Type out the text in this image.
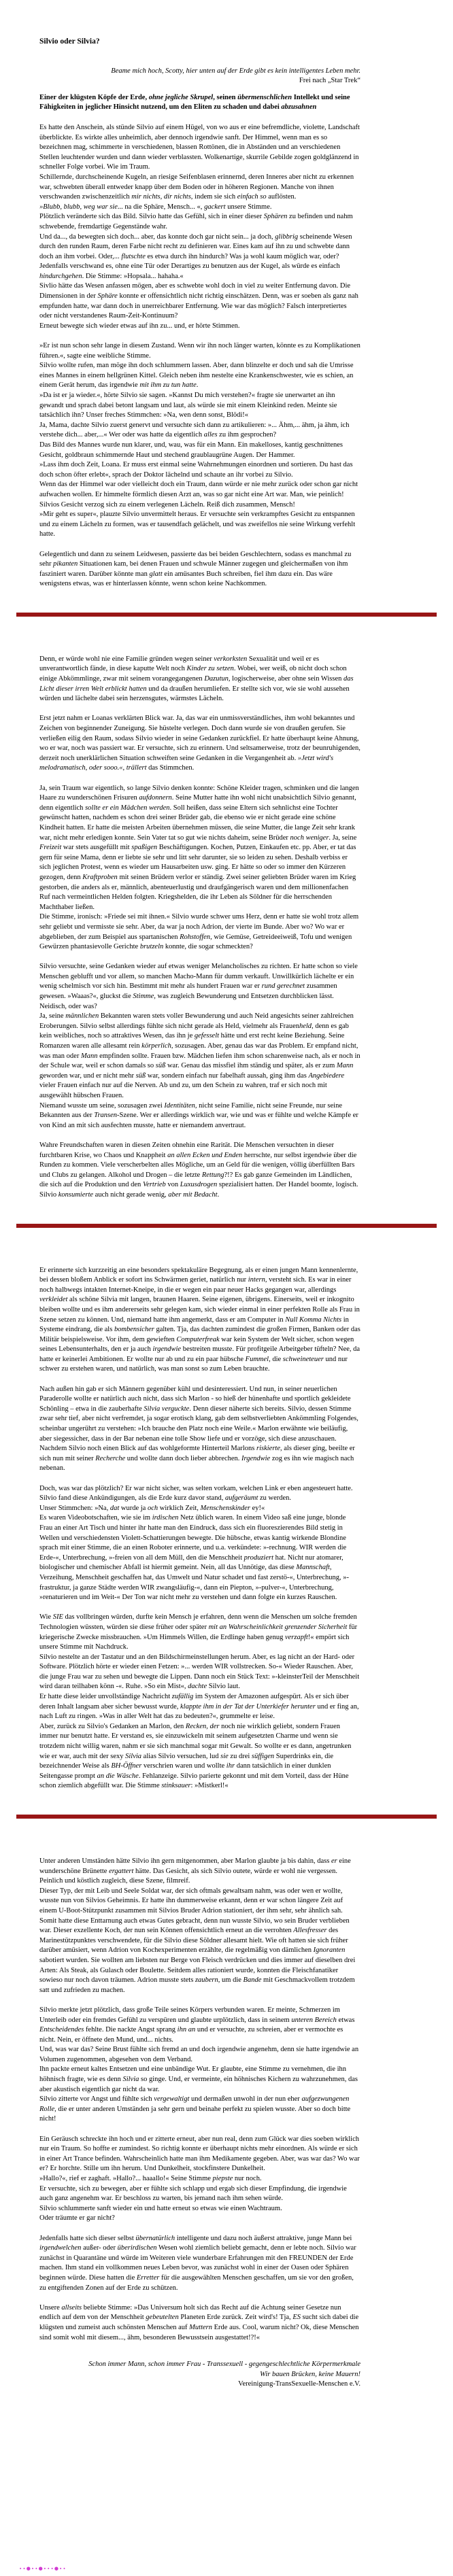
Silvio oder Silvia?
Beame mich hoch, Scotty, hier unten auf der Erde gibt es kein intelligentes Leben mehr.
Frei nach „Star Trek“

Einer der klügsten Köpfe der Erde, ohne jegliche Skrupel, seinen übermenschlichen Intellekt und seine Fähigkeiten in jeglicher Hinsicht nutzend, um den Eliten zu schaden und dabei abzusahnen

Es hatte den Anschein, als stünde Silvio auf einem Hügel, von wo aus er eine befremdliche, violette, Landschaft überblickte. Es wirkte alles unheimlich, aber dennoch irgendwie sanft. Der Himmel, wenn man es so bezeichnen mag, schimmerte in verschiedenen, blassen Rottönen, die in Abständen und an verschiedenen Stellen leuchtender wurden und dann wieder verblassten. Wolkenartige, skurrile Gebilde zogen goldglänzend in schneller Folge vorbei. Wie im Traum.

Schillernde, durchscheinende Kugeln, an riesige Seifenblasen erinnernd, deren Inneres aber nicht zu erkennen war, schwebten überall entweder knapp über dem Boden oder in höheren Regionen. Manche von ihnen verschwanden zwischenzeitlich mir nichts, dir nichts, indem sie sich einfach so auflösten.

»Blubb, blubb, weg war sie... na die Sphäre, Mensch... «, gackert unsere Stimme.

Plötzlich veränderte sich das Bild. Silvio hatte das Gefühl, sich in einer dieser Sphären zu befinden und nahm schwebende, fremdartige Gegenstände wahr.

Und da..., da bewegten sich doch... aber, das konnte doch gar nicht sein... ja doch, glibbrig scheinende Wesen durch den runden Raum, deren Farbe nicht recht zu definieren war. Eines kam auf ihn zu und schwebte dann doch an ihm vorbei. Oder,... flutschte es etwa durch ihn hindurch? Was ja wohl kaum möglich war, oder? Jedenfalls verschwand es, ohne eine Tür oder Derartiges zu benutzen aus der Kugel, als würde es einfach hindurchgehen. Die Stimme: »Hopsala... hahaha.«

Sivlio hätte das Wesen anfassen mögen, aber es schwebte wohl doch in viel zu weiter Entfernung davon. Die Dimensionen in der Sphäre konnte er offensichtlich nicht richtig einschätzen. Denn, was er soeben als ganz nah empfunden hatte, war dann doch in unerreichbarer Entfernung. Wie war das möglich? Falsch interpretiertes oder nicht verstandenes Raum-Zeit-Kontinuum?

Erneut bewegte sich wieder etwas auf ihn zu... und, er hörte Stimmen.

»Er ist nun schon sehr lange in diesem Zustand. Wenn wir ihn noch länger warten, könnte es zu Komplikationen führen.«, sagte eine weibliche Stimme.

Silvio wollte rufen, man möge ihn doch schlummern lassen. Aber, dann blinzelte er doch und sah die Umrisse eines Mannes in einem hellgrünen Kittel. Gleich neben ihm nestelte eine Krankenschwester, wie es schien, an einem Gerät herum, das irgendwie mit ihm zu tun hatte.

»Da ist er ja wieder.«, hörte Silvio sie sagen. »Kannst Du mich verstehen?« fragte sie unerwartet an ihn gewandt und sprach dabei betont langsam und laut, als würde sie mit einem Kleinkind reden. Meinte sie tatsächlich ihn? Unser freches Stimmchen: »Na, wen denn sonst, Blödi!«

Ja, Mama, dachte Silvio zuerst genervt und versuchte sich dann zu artikulieren: »... Ähm,... ähm, ja ähm, ich verstehe dich... aber,...« Wer oder was hatte da eigentlich alles zu ihm gesprochen?

Das Bild des Mannes wurde nun klarer, und, wau, was für ein Mann. Ein makelloses, kantig geschnittenes Gesicht, goldbraun schimmernde Haut und stechend graublaugrüne Augen. Der Hammer.

»Lass ihm doch Zeit, Loana. Er muss erst einmal seine Wahrnehmungen einordnen und sortieren. Du hast das doch schon öfter erlebt«, sprach der Doktor lächelnd und schaute an ihr vorbei zu Silvio.

Wenn das der Himmel war oder vielleicht doch ein Traum, dann würde er nie mehr zurück oder schon gar nicht aufwachen wollen. Er himmelte förmlich diesen Arzt an, was so gar nicht eine Art war. Man, wie peinlich! Silvios Gesicht verzog sich zu einem verlegenen Lächeln. Reiß dich zusammen, Mensch!

»Mir geht es super«, plauzte Silvio unvermittelt heraus. Er versuchte sein verkrampftes Gesicht zu entspannen und zu einem Lächeln zu formen, was er tausendfach gelächelt, und was zweifellos nie seine Wirkung verfehlt hatte.

Gelegentlich und dann zu seinem Leidwesen, passierte das bei beiden Geschlechtern, sodass es manchmal zu sehr pikanten Situationen kam, bei denen Frauen und schwule Männer zugegen und gleichermaßen von ihm fasziniert waren. Darüber könnte man glatt ein amüsantes Buch schreiben, fiel ihm dazu ein. Das wäre wenigstens etwas, was er hinterlassen könnte, wenn schon keine Nachkommen.

Denn, er würde wohl nie eine Familie gründen wegen seiner verkorksten Sexualität und weil er es unverantwortlich fände, in diese kaputte Welt noch Kinder zu setzen. Wobei, wer weiß, ob nicht doch schon einige Abkömmlinge, zwar mit seinem vorangegangenen Dazutun, logischerweise, aber ohne sein Wissen das Licht dieser irren Welt erblickt hatten und da draußen herumliefen. Er stellte sich vor, wie sie wohl aussehen würden und lächelte dabei sein herzensgutes, wärmstes Lächeln.

Erst jetzt nahm er Loanas verklärten Blick war. Ja, das war ein unmissverständliches, ihm wohl bekanntes und Zeichen von beginnender Zuneigung. Sie hüstelte verlegen. Doch dann wurde sie von draußen gerufen. Sie verließen eilig den Raum, sodass Silvio wieder in seine Gedanken zurückfiel. Er hatte überhaupt keine Ahnung, wo er war, noch was passiert war. Er versuchte, sich zu erinnern. Und seltsamerweise, trotz der beunruhigenden, derzeit noch unerklärlichen Situation schweiften seine Gedanken in die Vergangenheit ab. »Jetzt wird's melodramatisch, oder sooo.«, trällert das Stimmchen.

Ja, sein Traum war eigentlich, so lange Silvio denken konnte: Schöne Kleider tragen, schminken und die langen Haare zu wunderschönen Frisuren aufdonnern. Seine Mutter hatte ihn wohl nicht unabsichtlich Silvio genannt, denn eigentlich sollte er ein Mädchen werden. Soll heißen, dass seine Eltern sich sehnlichst eine Tochter gewünscht hatten, nachdem es schon drei seiner Brüder gab, die ebenso wie er nicht gerade eine schöne Kindheit hatten. Er hatte die meisten Arbeiten übernehmen müssen, die seine Mutter, die lange Zeit sehr krank war, nicht mehr erledigen konnte. Sein Vater tat so gut wie nichts daheim, seine Brüder noch weniger. Ja, seine Freizeit war stets ausgefüllt mit spaßigen Beschäftigungen. Kochen, Putzen, Einkaufen etc. pp. Aber, er tat das gern für seine Mama, denn er liebte sie sehr und litt sehr darunter, sie so leiden zu sehen. Deshalb verbiss er sich jeglichen Protest, wenn es wieder um Hausarbeiten usw. ging. Er hätte so oder so immer den Kürzeren gezogen, denn Kraftproben mit seinen Brüdern verlor er ständig. Zwei seiner geliebten Brüder waren im Krieg gestorben, die anders als er, männlich, abenteuerlustig und draufgängerisch waren und dem millionenfachen Ruf nach vermeintlichen Helden folgten. Kriegshelden, die ihr Leben als Söldner für die herrschenden Machthaber ließen.

Die Stimme, ironisch: »Friede sei mit ihnen.« Silvio wurde schwer ums Herz, denn er hatte sie wohl trotz allem sehr geliebt und vermisste sie sehr. Aber, da war ja noch Adrion, der vierte im Bunde. Aber wo? Wo war er abgeblieben, der zum Beispiel aus spartanischen Rohstoffen, wie Gemüse, Getreideeiweiß, Tofu und wenigen Gewürzen phantasievolle Gerichte brutzeln konnte, die sogar schmeckten?

Silvio versuchte, seine Gedanken wieder auf etwas weniger Melancholisches zu richten. Er hatte schon so viele Menschen geblufft und vor allem, so manchen Macho-Mann für dumm verkauft. Unwillkürlich lächelte er ein wenig schelmisch vor sich hin. Bestimmt mit mehr als hundert Frauen war er rund gerechnet zusammen gewesen. »Waaas?«, gluckst die Stimme, was zugleich Bewunderung und Entsetzen durchblicken lässt. Neidisch, oder was?

Ja, seine männlichen Bekannten waren stets voller Bewunderung und auch Neid angesichts seiner zahlreichen Eroberungen. Silvio selbst allerdings fühlte sich nicht gerade als Held, vielmehr als Frauenheld, denn es gab kein weibliches, noch so attraktives Wesen, das ihn je gefesselt hätte und erst recht keine Beziehung. Seine Romanzen waren alle allesamt rein körperlich, sozusagen. Aber, genau das war das Problem. Er empfand nicht, was man oder Mann empfinden sollte. Frauen bzw. Mädchen liefen ihm schon scharenweise nach, als er noch in der Schule war, weil er schon damals so süß war. Genau das missfiel ihm ständig und später, als er zum Mann geworden war, und er nicht mehr süß war, sondern einfach nur fabelhaft aussah, ging ihm das Angebiedere vieler Frauen einfach nur auf die Nerven. Ab und zu, um den Schein zu wahren, traf er sich noch mit ausgewählt hübschen Frauen.

Niemand wusste um seine, sozusagen zwei Identitäten, nicht seine Familie, nicht seine Freunde, nur seine Bekannten aus der Transen-Szene. Wer er allerdings wirklich war, wie und was er fühlte und welche Kämpfe er von Kind an mit sich ausfechten musste, hatte er niemandem anvertraut.

Wahre Freundschaften waren in diesen Zeiten ohnehin eine Rarität. Die Menschen versuchten in dieser furchtbaren Krise, wo Chaos und Knappheit an allen Ecken und Enden herrschte, nur selbst irgendwie über die Runden zu kommen. Viele verscherbelten alles Mögliche, um an Geld für die wenigen, völlig überfüllten Bars und Clubs zu gelangen. Alkohol und Drogen – die letzte Rettung?!? Es gab ganze Gemeinden im Ländlichen, die sich auf die Produktion und den Vertrieb von Luxusdrogen spezialisiert hatten. Der Handel boomte, logisch. Silvio konsumierte auch nicht gerade wenig, aber mit Bedacht.

Er erinnerte sich kurzzeitig an eine besonders spektakuläre Begegnung, als er einen jungen Mann kennenlernte, bei dessen bloßem Anblick er sofort ins Schwärmen geriet, natürlich nur intern, versteht sich. Es war in einer noch halbwegs intakten Internet-Kneipe, in die er wegen ein paar neuer Hacks gegangen war, allerdings verkleidet als schöne Silvia mit langen, braunen Haaren. Seine eigenen, übrigens. Einerseits, weil er inkognito bleiben wollte und es ihm andererseits sehr gelegen kam, sich wieder einmal in einer perfekten Rolle als Frau in Szene setzen zu können. Und, niemand hatte ihm angemerkt, dass er am Computer in Null Komma Nichts in Systeme eindrang, die als bombensicher galten. Tja, das dachten zumindest die großen Firmen, Banken oder das Militär beispielsweise. Vor ihm, dem gewieften Computerfreak war kein System der Welt sicher, schon wegen seines Lebensunterhalts, den er ja auch irgendwie bestreiten musste. Für profitgeile Arbeitgeber tüfteln? Nee, da hatte er keinerlei Ambitionen. Er wollte nur ab und zu ein paar hübsche Fummel, die schweineteuer und nur schwer zu erstehen waren, und natürlich, was man sonst so zum Leben brauchte.

Nach außen hin gab er sich Männern gegenüber kühl und desinteressiert. Und nun, in seiner neuerlichen Paraderolle wollte er natürlich auch nicht, dass sich Marlon - so hieß der hünenhafte und sportlich gekleidete Schönling – etwa in die zauberhafte Silvia verguckte. Denn dieser näherte sich bereits. Silvio, dessen Stimme zwar sehr tief, aber nicht verfremdet, ja sogar erotisch klang, gab dem selbstverliebten Ankömmling Folgendes, scheinbar ungerührt zu verstehen: »Ich brauche den Platz noch eine Weile.« Marlon erwähnte wie beiläufig, aber siegessicher, dass in der Bar nebenan eine tolle Show liefe und er vorzöge, sich diese anzuschauen. Nachdem Silvio noch einen Blick auf das wohlgeformte Hinterteil Marlons riskierte, als dieser ging, beeilte er sich nun mit seiner Recherche und wollte dann doch lieber abbrechen. Irgendwie zog es ihn wie magisch nach nebenan.

Doch, was war das plötzlich? Er war nicht sicher, was selten vorkam, welchen Link er eben angesteuert hatte. Silvio fand diese Ankündigungen, als die Erde kurz davor stand, aufgeräumt zu werden.

Unser Stimmchen: »Na, dat wurde ja och wirklich Zeit, Menschenskinder ey!«

Es waren Videobotschaften, wie sie im irdischen Netz üblich waren. In einem Video saß eine junge, blonde Frau an einer Art Tisch und hinter ihr hatte man den Eindruck, dass sich ein fluoreszierendes Bild stetig in Wellen und verschiedensten Violett-Schattierungen bewegte. Die hübsche, etwas kantig wirkende Blondine sprach mit einer Stimme, die an einen Roboter erinnerte, und u.a. verkündete: »-rechnung. WIR werden die Erde-«, Unterbrechung, »-freien von all dem Müll, den die Menschheit produziert hat. Nicht nur atomarer, biologischer und chemischer Abfall ist hiermit gemeint. Nein, all das Unnötige, das diese Mannschaft, Verzeihung, Menschheit geschaffen hat, das Umwelt und Natur schadet und fast zerstö-«, Unterbrechung, »-frastruktur, ja ganze Städte werden WIR zwangsläufig-«, dann ein Piepton, »-pulver-«, Unterbrechung, »renaturieren und im Weit-« Der Ton war nicht mehr zu verstehen und dann folgte ein kurzes Rauschen.

Wie SIE das vollbringen würden, durfte kein Mensch je erfahren, denn wenn die Menschen um solche fremden Technologien wüssten, würden sie diese früher oder später mit an Wahrscheinlichkeit grenzender Sicherheit für kriegerische Zwecke missbrauchen. »Um Himmels Willen, die Erdlinge haben genug verzapft!« empört sich unsere Stimme mit Nachdruck.

Silvio nestelte an der Tastatur und an den Bildschirmeinstellungen herum. Aber, es lag nicht an der Hard- oder Software. Plötzlich hörte er wieder einen Fetzen: »... werden WIR vollstrecken. So-« Wieder Rauschen. Aber, die junge Frau war zu sehen und bewegte die Lippen. Dann noch ein Stück Text: »-kleinsterTeil der Menschheit wird daran teilhaben könn -«. Ruhe. »So ein Mist«, dachte Silvio laut.

Er hatte diese leider unvollständige Nachricht zufällig im System der Amazonen aufgespürt. Als er sich über deren Inhalt langsam aber sicher bewusst wurde, klappte ihm in der Tat der Unterkiefer herunter und er fing an, nach Luft zu ringen. »Was in aller Welt hat das zu bedeuten?«, grummelte er leise.

Aber, zurück zu Silvio's Gedanken an Marlon, den Recken, der noch nie wirklich geliebt, sondern Frauen immer nur benutzt hatte. Er verstand es, sie einzuwickeln mit seinem aufgesetzten Charme und wenn sie trotzdem nicht willig waren, nahm er sie sich manchmal sogar mit Gewalt. So wollte er es dann, angetrunken wie er war, auch mit der sexy Silvia alias Silvio versuchen, lud sie zu drei süffigen Superdrinks ein, die bezeichnender Weise als BH-Öffner verschrien waren und wollte ihr dann tatsächlich in einer dunklen Seitengasse prompt an die Wäsche. Fehlanzeige. Silvio parierte gekonnt und mit dem Vorteil, dass der Hüne schon ziemlich abgefüllt war. Die Stimme stinksauer: »Mistkerl!«

Unter anderen Umständen hätte Silvio ihn gern mitgenommen, aber Marlon glaubte ja bis dahin, dass er eine wunderschöne Brünette ergattert hätte. Das Gesicht, als sich Silvio outete, würde er wohl nie vergessen. Peinlich und köstlich zugleich, diese Szene, filmreif.

Dieser Typ, der mit Leib und Seele Soldat war, der sich oftmals gewaltsam nahm, was oder wen er wollte, wusste nun von Silvios Geheimnis. Er hatte ihn dummerweise erkannt, denn er war schon längere Zeit auf einem U-Boot-Stützpunkt zusammen mit Silvios Bruder Adrion stationiert, der ihm sehr, sehr ähnlich sah. Somit hatte diese Enttarnung auch etwas Gutes gebracht, denn nun wusste Silvio, wo sein Bruder verblieben war. Dieser exzellente Koch, der nun sein Können offensichtlich erneut an die verrohten Allesfresser des Marinestützpunktes verschwendete, für die Silvio diese Söldner allesamt hielt. Wie oft hatten sie sich früher darüber amüsiert, wenn Adrion von Kochexperimenten erzählte, die regelmäßig von dämlichen Ignoranten sabotiert wurden. Sie wollten am liebsten nur Berge von Fleisch verdrücken und dies immer auf dieselben drei Arten: Als Steak, als Gulasch oder Boulette. Seitdem alles rationiert wurde, konnten die Fleischfanatiker sowieso nur noch davon träumen. Adrion musste stets zaubern, um die Bande mit Geschmackvollem trotzdem satt und zufrieden zu machen.

Silvio merkte jetzt plötzlich, dass große Teile seines Körpers verbunden waren. Er meinte, Schmerzen im Unterleib oder ein fremdes Gefühl zu verspüren und glaubte urplötzlich, dass in seinem unteren Bereich etwas Entscheidendes fehlte. Die nackte Angst sprang ihn an und er versuchte, zu schreien, aber er vermochte es nicht. Nein, er öffnete den Mund, und... nichts.

Und, was war das? Seine Brust fühlte sich fremd an und doch irgendwie angenehm, denn sie hatte irgendwie an Volumen zugenommen, abgesehen von dem Verband.

Ihn packte erneut kaltes Entsetzen und eine unbändige Wut. Er glaubte, eine Stimme zu vernehmen, die ihn höhnisch fragte, wie es denn Silvia so ginge. Und, er vermeinte, ein höhnisches Kichern zu wahrzunehmen, das aber akustisch eigentlich gar nicht da war.

Silvio zitterte vor Angst und fühlte sich vergewaltigt und dermaßen unwohl in der nun eher aufgezwungenen Rolle, die er unter anderen Umständen ja sehr gern und beinahe perfekt zu spielen wusste. Aber so doch bitte nicht!

Ein Geräusch schreckte ihn hoch und er zitterte erneut, aber nun real, denn zum Glück war dies soeben wirklich nur ein Traum. So hoffte er zumindest. So richtig konnte er überhaupt nichts mehr einordnen. Als würde er sich in einer Art Trance befinden. Wahrscheinlich hatte man ihm Medikamente gegeben. Aber, was war das? Wo war er? Er horchte. Stille um ihn herum. Und Dunkelheit, stockfinstere Dunkelheit.

»Hallo?«, rief er zaghaft. »Hallo?... haaallo!« Seine Stimme piepste nur noch.

Er versuchte, sich zu bewegen, aber er fühlte sich schlapp und ergab sich dieser Empfindung, die irgendwie auch ganz angenehm war. Er beschloss zu warten, bis jemand nach ihm sehen würde.

Silvio schlummerte sanft wieder ein und hatte erneut so etwas wie einen Wachtraum.

Oder träumte er gar nicht?

Jedenfalls hatte sich dieser selbst übernatürlich intelligente und dazu noch äußerst attraktive, junge Mann bei irgendwelchen außer- oder überirdischen Wesen wohl ziemlich beliebt gemacht, denn er lebte noch. Silvio war zunächst in Quarantäne und würde im Weiteren viele wunderbare Erfahrungen mit den FREUNDEN der Erde machen. Ihm stand ein vollkommen neues Leben bevor, was zunächst wohl in einer der Oasen oder Sphären beginnen würde. Diese hatten die Erretter für die ausgewählten Menschen geschaffen, um sie vor den großen, zu entgiftenden Zonen auf der Erde zu schützen.

Unsere allseits beliebte Stimme: »Das Universum holt sich das Recht auf die Achtung seiner Gesetze nun endlich auf dem von der Menschheit gebeutelten Planeten Erde zurück. Zeit wird's! Tja, ES sucht sich dabei die klügsten und zumeist auch schönsten Menschen auf Muttern Erde aus. Cool, warum nicht? Ok, diese Menschen sind somit wohl mit diesem..., ähm, besonderen Bewusstsein ausgestattet!?!«

Schon immer Mann, schon immer Frau - Transsexuell - gegengeschlechtliche Körpermerkmale
Wir bauen Brücken, keine Mauern!
Vereinigung-TransSexuelle-Menschen e.V.
∙∙●∙∙●∙∙∙●∙∙
